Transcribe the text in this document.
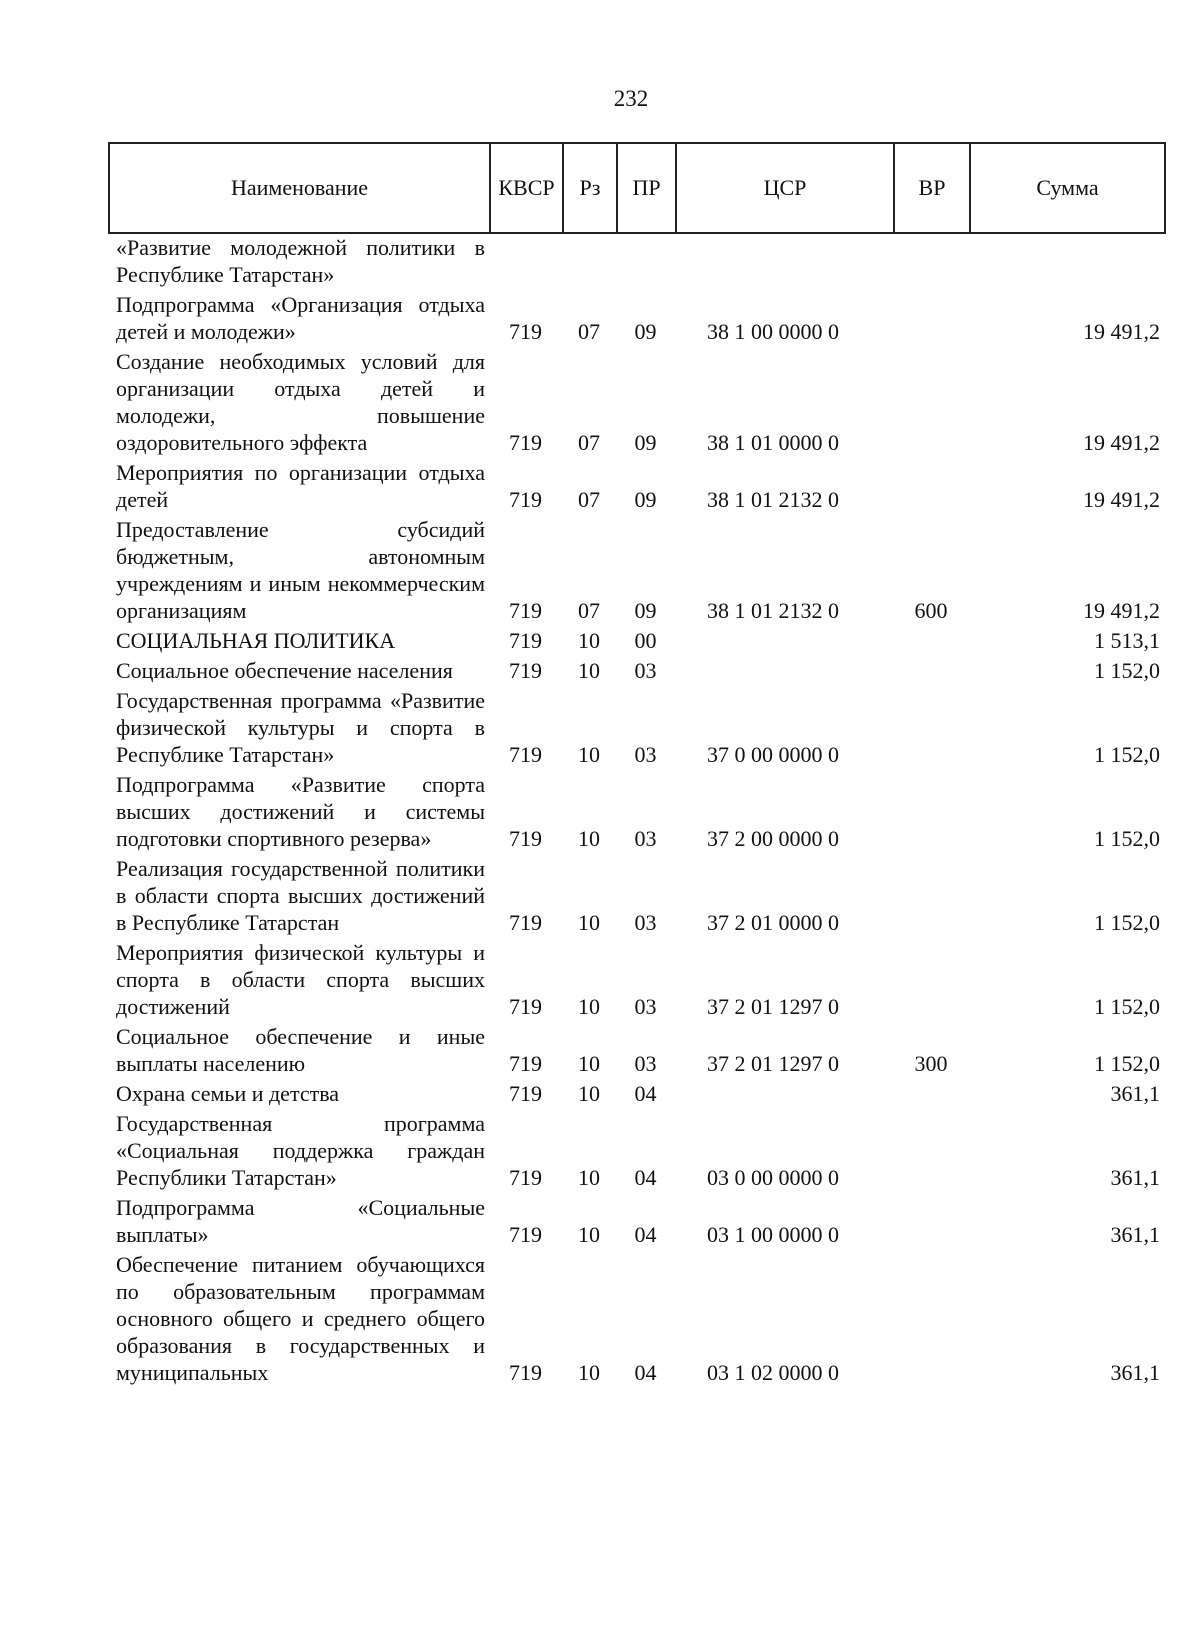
232
Наименование	КВСР	Рз	ПР	ЦСР	ВР	Сумма
«Развитие молодежной политики в Республике Татарстан»						
Подпрограмма «Организация отдыха детей и молодежи»	719	07	09	38 1 00 0000 0		19 491,2
Создание необходимых условий для организации отдыха детей и молодежи, повышение оздоровительного эффекта	719	07	09	38 1 01 0000 0		19 491,2
Мероприятия по организации отдыха детей	719	07	09	38 1 01 2132 0		19 491,2
Предоставление субсидий бюджетным, автономным учреждениям и иным некоммерческим организациям	719	07	09	38 1 01 2132 0	600	19 491,2
СОЦИАЛЬНАЯ ПОЛИТИКА	719	10	00			1 513,1
Социальное обеспечение населения	719	10	03			1 152,0
Государственная программа «Развитие физической культуры и спорта в Республике Татарстан»	719	10	03	37 0 00 0000 0		1 152,0
Подпрограмма «Развитие спорта высших достижений и системы подготовки спортивного резерва»	719	10	03	37 2 00 0000 0		1 152,0
Реализация государственной политики в области спорта высших достижений в Республике Татарстан	719	10	03	37 2 01 0000 0		1 152,0
Мероприятия физической культуры и спорта в области спорта высших достижений	719	10	03	37 2 01 1297 0		1 152,0
Социальное обеспечение и иные выплаты населению	719	10	03	37 2 01 1297 0	300	1 152,0
Охрана семьи и детства	719	10	04			361,1
Государственная программа «Социальная поддержка граждан Республики Татарстан»	719	10	04	03 0 00 0000 0		361,1
Подпрограмма «Социальные выплаты»	719	10	04	03 1 00 0000 0		361,1
Обеспечение питанием обучающихся по образовательным программам основного общего и среднего общего образования в государственных и муниципальных	719	10	04	03 1 02 0000 0		361,1
